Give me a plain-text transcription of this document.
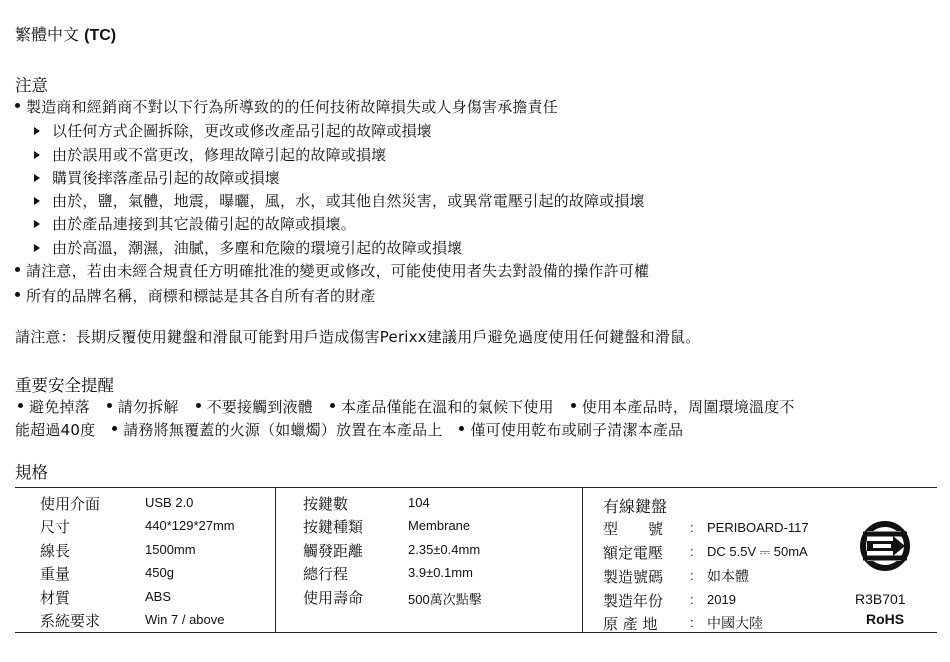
繁體中文 (TC)
注意
製造商和經銷商不對以下行為所導致的的任何技術故障損失或人身傷害承擔責任
以任何方式企圖拆除，更改或修改產品引起的故障或損壞
由於誤用或不當更改，修理故障引起的故障或損壞
購買後摔落產品引起的故障或損壞
由於，鹽，氣體，地震，曝曬，風，水，或其他自然災害，或異常電壓引起的故障或損壞
由於產品連接到其它設備引起的故障或損壞。
由於高溫，潮濕，油膩，多塵和危險的環境引起的故障或損壞
請注意，若由未經合規責任方明確批准的變更或修改，可能使使用者失去對設備的操作許可權
所有的品牌名稱，商標和標誌是其各自所有者的財產
請注意：長期反覆使用鍵盤和滑鼠可能對用戶造成傷害Perixx建議用戶避免過度使用任何鍵盤和滑鼠。
重要安全提醒
避免掉落 請勿拆解 不要接觸到液體 本產品僅能在溫和的氣候下使用 使用本產品時，周圍環境溫度不
能超過40度 請務將無覆蓋的火源（如蠟燭）放置在本產品上 僅可使用乾布或刷子清潔本產品
規格
使用介面	USB 2.0
尺寸	440*129*27mm
線長	1500mm
重量	450g
材質	ABS
系統要求	Win 7 / above
按鍵數	104
按鍵種類	Membrane
觸發距離	2.35±0.4mm
總行程	3.9±0.1mm
使用壽命	500萬次點擊
有線鍵盤
型　　號 : PERIBOARD-117
額定電壓 : DC 5.5V ⎓ 50mA
製造號碼 : 如本體
製造年份 : 2019
原 產 地 : 中國大陸
R3B701
RoHS
